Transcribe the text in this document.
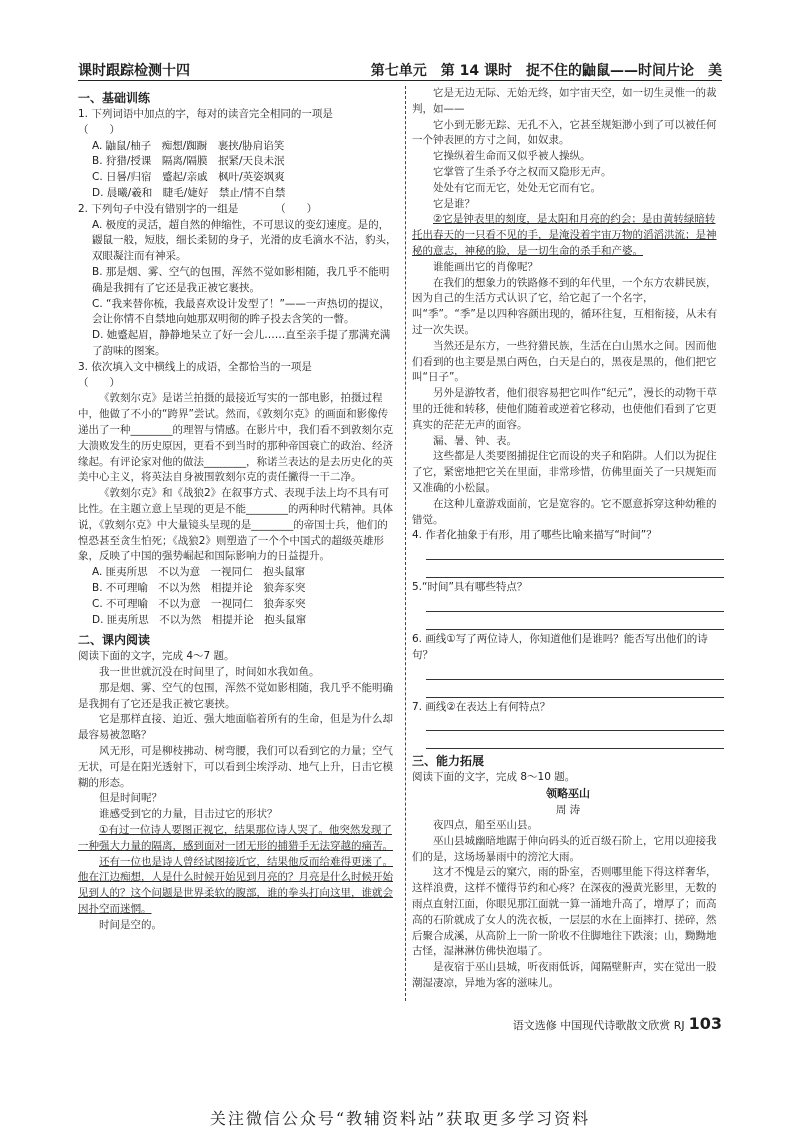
课时跟踪检测十四	第七单元　第 14 课时　捉不住的鼬鼠——时间片论　美
一、基础训练

1. 下列词语中加点的字，每对的读音完全相同的一项是　　　　　　　　（　　）

A. 鼬鼠/柚子　痴想/踟蹰　裹挟/胁肩谄笑

B. 狩猎/授课　隔离/隔膜　抿紧/天良未泯

C. 日晷/归宿　蹙起/亲戚　枫叶/英姿飒爽

D. 晨曦/羲和　睫毛/婕好　禁止/情不自禁

2. 下列句子中没有错别字的一组是　　　　（　　）

A. 极度的灵活，超自然的伸缩性，不可思议的变幻速度。是的，鼹鼠一般，短肢，细长柔韧的身子，光滑的皮毛滴水不沾，豹头，双眼凝注而有神采。

B. 那是烟、雾、空气的包围，浑然不觉如影相随，我几乎不能明确是我拥有了它还是我正被它裹挟。

C. “我来替你梳，我最喜欢设计发型了！”——一声热切的提议，会让你情不自禁地向她那双明彻的眸子投去含笑的一瞥。

D. 她蹙起眉，静静地呆立了好一会儿……直至亲手提了那满充满了韵味的图案。

3. 依次填入文中横线上的成语，全都恰当的一项是　　　　　　　　　　　　（　　）

《敦刻尔克》是诺兰拍摄的最接近写实的一部电影，拍摄过程中，他做了不小的“跨界”尝试。然而，《敦刻尔克》的画面和影像传递出了一种________的理智与情感。在影片中，我们看不到敦刻尔克大溃败发生的历史原因，更看不到当时的那种帝国衰亡的政治、经济缘起。有评论家对他的做法________，称诺兰表达的是去历史化的英美中心主义，将英法自身被围敦刻尔克的责任撇得一干二净。

《敦刻尔克》和《战狼2》在叙事方式、表现手法上均不具有可比性。在主题立意上呈现的更是不能________的两种时代精神。具体说，《敦刻尔克》中大量镜头呈现的是________的帝国士兵，他们的惶恐甚至贪生怕死；《战狼2》则塑造了一个个中国式的超级英雄形象，反映了中国的强势崛起和国际影响力的日益提升。

A. 匪夷所思　不以为意　一视同仁　抱头鼠窜

B. 不可理喻　不以为然　相提并论　狼奔豕突

C. 不可理喻　不以为意　一视同仁　狼奔豕突

D. 匪夷所思　不以为然　相提并论　抱头鼠窜

二、课内阅读

阅读下面的文字，完成 4～7 题。

我一世世就沉没在时间里了，时间如水我如鱼。

那是烟、雾、空气的包围，浑然不觉如影相随，我几乎不能明确是我拥有了它还是我正被它裹挟。

它是那样直接、迫近、强大地面临着所有的生命，但是为什么却最容易被忽略？

风无形，可是柳枝拂动、树弯腰，我们可以看到它的力量；空气无状，可是在阳光透射下，可以看到尘埃浮动、地气上升，日击它模糊的形态。

但是时间呢？

谁感受到它的力量，目击过它的形状？

①有过一位诗人要图正视它，结果那位诗人哭了。他突然发现了一种强大力量的隔离，感到面对一团无形的捕猎手无法穿越的痛苦。

还有一位也是诗人曾经试图接近它，结果他反而给难得更迷了。他在江边痴想，人是什么时候开始见到月亮的？月亮是什么时候开始见到人的？这个问题是世界柔软的腹部，谁的拳头打向这里，谁就会因扑空而迷惘。

时间是空的。

它是无边无际、无始无终，如宇宙天空，如一切生灵惟一的裁判，如——

它小到无影无踪、无孔不入，它甚至规矩渺小到了可以被任何一个钟表匣的方寸之间，如奴隶。

它操纵着生命而又似乎被人操纵。

它掌管了生杀予夺之权而又隐形无声。

处处有它而无它，处处无它而有它。

它是谁？

②它是钟表里的刻度，是太阳和月亮的约会；是由黄转绿暗转托出春天的一只看不见的手，是淹没着宇宙万物的滔滔洪流；是神秘的意志，神秘的脸，是一切生命的杀手和产婆。

谁能画出它的肖像呢？

在我们的想象力的铁路修不到的年代里，一个东方农耕民族，因为自己的生活方式认识了它，给它起了一个名字，叫“季”。“季”是以四种容颜出现的，循环往复，互相衔接，从未有过一次失误。

当然还是东方，一些狩猎民族，生活在白山黑水之间。因而他们看到的也主要是黑白两色，白天是白的，黑夜是黑的，他们把它叫“日子”。

另外是游牧者，他们很容易把它叫作“纪元”，漫长的动物干草里的迁徙和转移，使他们随着或逆着它移动，也使他们看到了它更真实的茫茫无声的面容。

漏、暑、钟、表。

这些都是人类要图捕捉住它而设的夹子和陷阱。人们以为捉住了它，紧密地把它关在里面，非常珍惜，仿佛里面关了一只规矩而又准确的小松鼠。

在这种儿童游戏面前，它是宽容的。它不愿意拆穿这种幼稚的错觉。

4. 作者化抽象于有形，用了哪些比喻来描写“时间”？

5.“时间”具有哪些特点？

6. 画线①写了两位诗人，你知道他们是谁吗？能否写出他们的诗句？

7. 画线②在表达上有何特点？

三、能力拓展

阅读下面的文字，完成 8～10 题。

领略巫山

周 涛

夜四点，船至巫山县。

巫山县城幽暗地踞于伸向码头的近百级石阶上，它用以迎接我们的是，这场场暴雨中的滂沱大雨。

这才不愧是云的窠穴，雨的卧室，否则哪里能下得这样奢华，这样浪费，这样不懂得节约和心疼？在深夜的漫黄光影里，无数的雨点直射江面，你眼见那江面就一算一涌地升高了，增厚了；而高高的石阶就成了女人的洗衣板，一层层的水在上面摔打、搓碎，然后聚合成溪，从高阶上一阶一阶收不住脚地往下跌滚；山，黝黝地古怪，湿淋淋仿佛快泡塌了。

是夜宿于巫山县城，听夜雨低诉，闻隔壁鼾声，实在觉出一股潮湿凄凉，异地为客的滋味儿。

语文选修 中国现代诗歌散文欣赏 RJ 103
关注微信公众号“教辅资料站”获取更多学习资料
